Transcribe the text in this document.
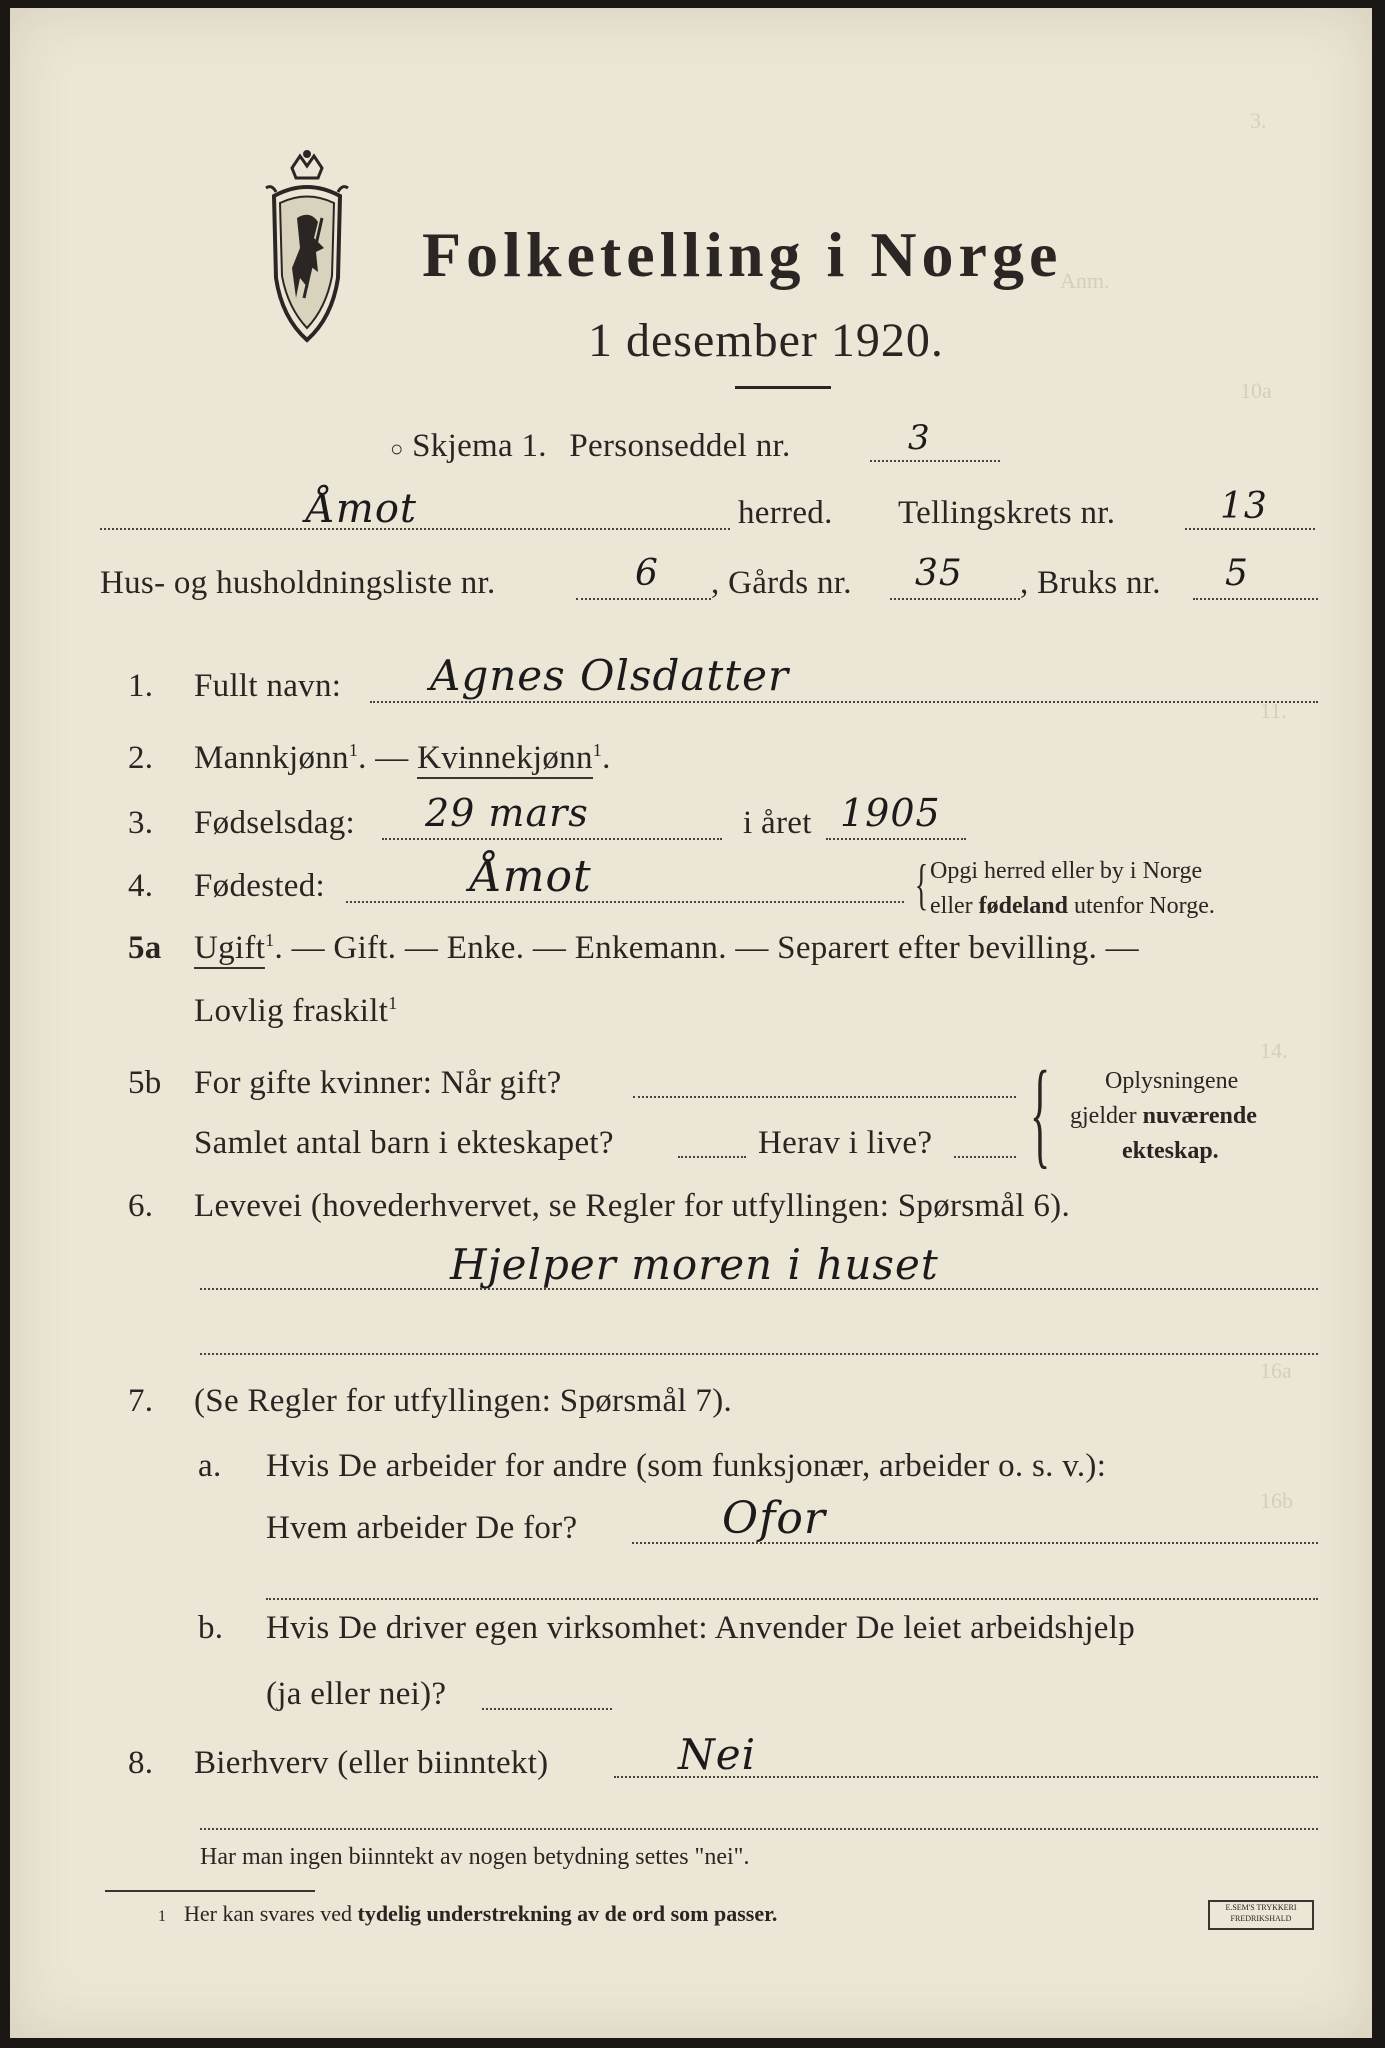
3.
Anm.
10a
11.
14.
16a
16b
Folketelling i Norge
1 desember 1920.
○ Skjema 1. Personseddel nr.	3
Åmot	herred. Tellingskrets nr.	13
Hus- og husholdningsliste nr.	6 , Gårds nr. 35 , Bruks nr. 5
1. Fullt navn: Agnes Olsdatter
2. Mannkjønn$^1$. — Kvinnekjønn$^1$.
3. Fødselsdag: 29 mars	i året 1905
4. Fødested:	Åmot	{ Opgi herred eller by i Norge
eller fødeland utenfor Norge.
5a Ugift$^1$. — Gift. — Enke. — Enkemann. — Separert efter bevilling. —
Lovlig fraskilt$^1$
5b For gifte kvinner: Når gift?
Samlet antal barn i ekteskapet?	Herav i live? { Oplysningene
gjelder nuværende
ekteskap.
6. Levevei (hovederhvervet, se Regler for utfyllingen: Spørsmål 6).
Hjelper moren i huset
7. (Se Regler for utfyllingen: Spørsmål 7).
a. Hvis De arbeider for andre (som funksjonær, arbeider o. s. v.):
Hvem arbeider De for?	Ofor
b. Hvis De driver egen virksomhet: Anvender De leiet arbeidshjelp
(ja eller nei)?
8. Bierhverv (eller biinntekt)	Nei
Har man ingen biinntekt av nogen betydning settes "nei".
1 Her kan svares ved tydelig understrekning av de ord som passer.	E.SEM'S TRYKKERI FREDRIKSHALD
